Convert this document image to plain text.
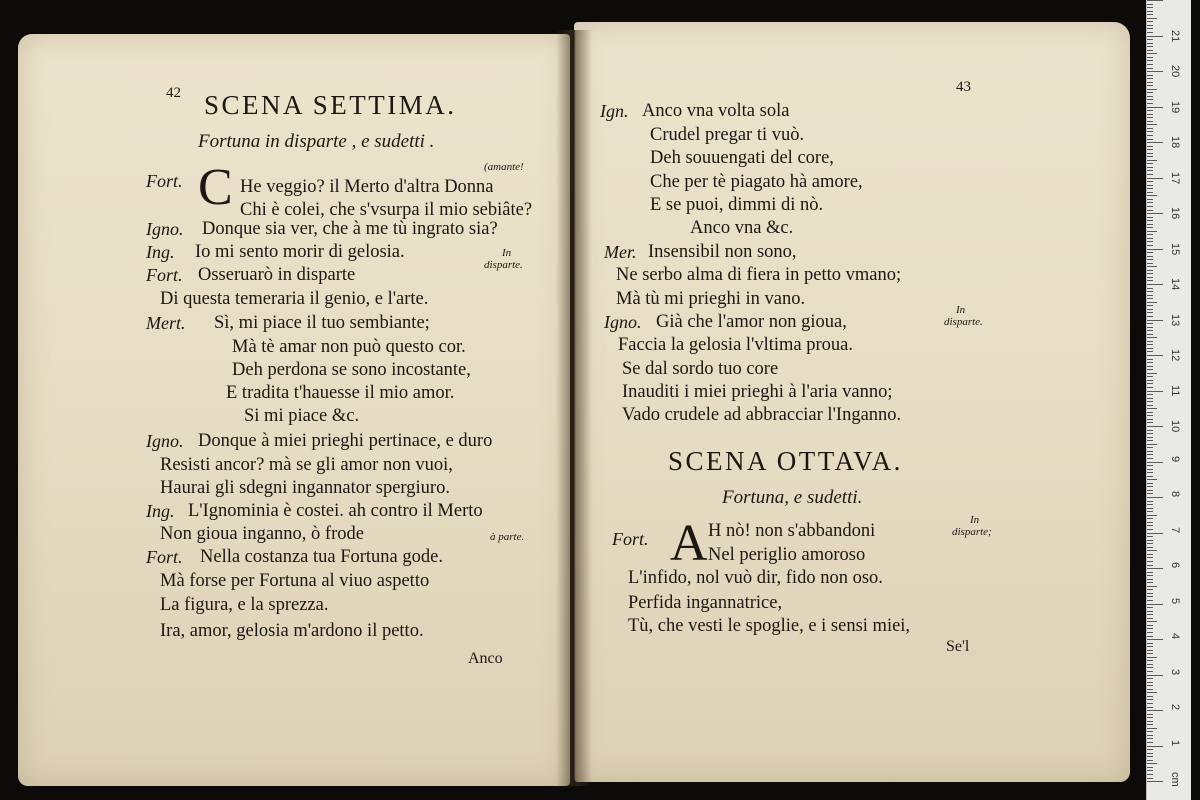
42 SCENA SETTIMA.
Fortuna in disparte , e sudetti .
(amante!
Fort. C He veggio? il Merto d'altra Donna
Chi è colei, che s'vsurpa il mio sebiâte?
Igno. Donque sia ver, che à me tù ingrato sia?
Ing. Io mi sento morir di gelosia.	In
disparte.
Fort. Osseruarò in disparte
Di questa temeraria il genio, e l'arte.
Mert. Sì, mi piace il tuo sembiante;
Mà tè amar non può questo cor.
Deh perdona se sono incostante,
E tradita t'hauesse il mio amor.
Si mi piace &c.
Igno. Donque à miei prieghi pertinace, e duro
Resisti ancor? mà se gli amor non vuoi,
Haurai gli sdegni ingannator spergiuro.
Ing. L'Ignominia è costei. ah contro il Merto
Non gioua inganno, ò frode	à parte.
Fort. Nella costanza tua Fortuna gode.
Mà forse per Fortuna al viuo aspetto
La figura, e la sprezza.
Ira, amor, gelosia m'ardono il petto.
Anco
43
Ign. Anco vna volta sola
Crudel pregar ti vuò.
Deh souuengati del core,
Che per tè piagato hà amore,
E se puoi, dimmi di nò.
Anco vna &c.
Mer. Insensibil non sono,
Ne serbo alma di fiera in petto vmano;
Mà tù mi prieghi in vano.
Igno. Già che l'amor non gioua,
In
disparte.
Faccia la gelosia l'vltima proua.
Se dal sordo tuo core
Inauditi i miei prieghi à l'aria vanno;
Vado crudele ad abbracciar l'Inganno.
SCENA OTTAVA.
Fortuna, e sudetti.
Fort. A H nò! non s'abbandoni
In
disparte;
Nel periglio amoroso
L'infido, nol vuò dir, fido non oso.
Perfida ingannatrice,
Tù, che vesti le spoglie, e i sensi miei,
Se'l
1
2
3
4
5
6
7
8
9
10
11
12
13
14
15
16
17
18
19
20
21
cm
